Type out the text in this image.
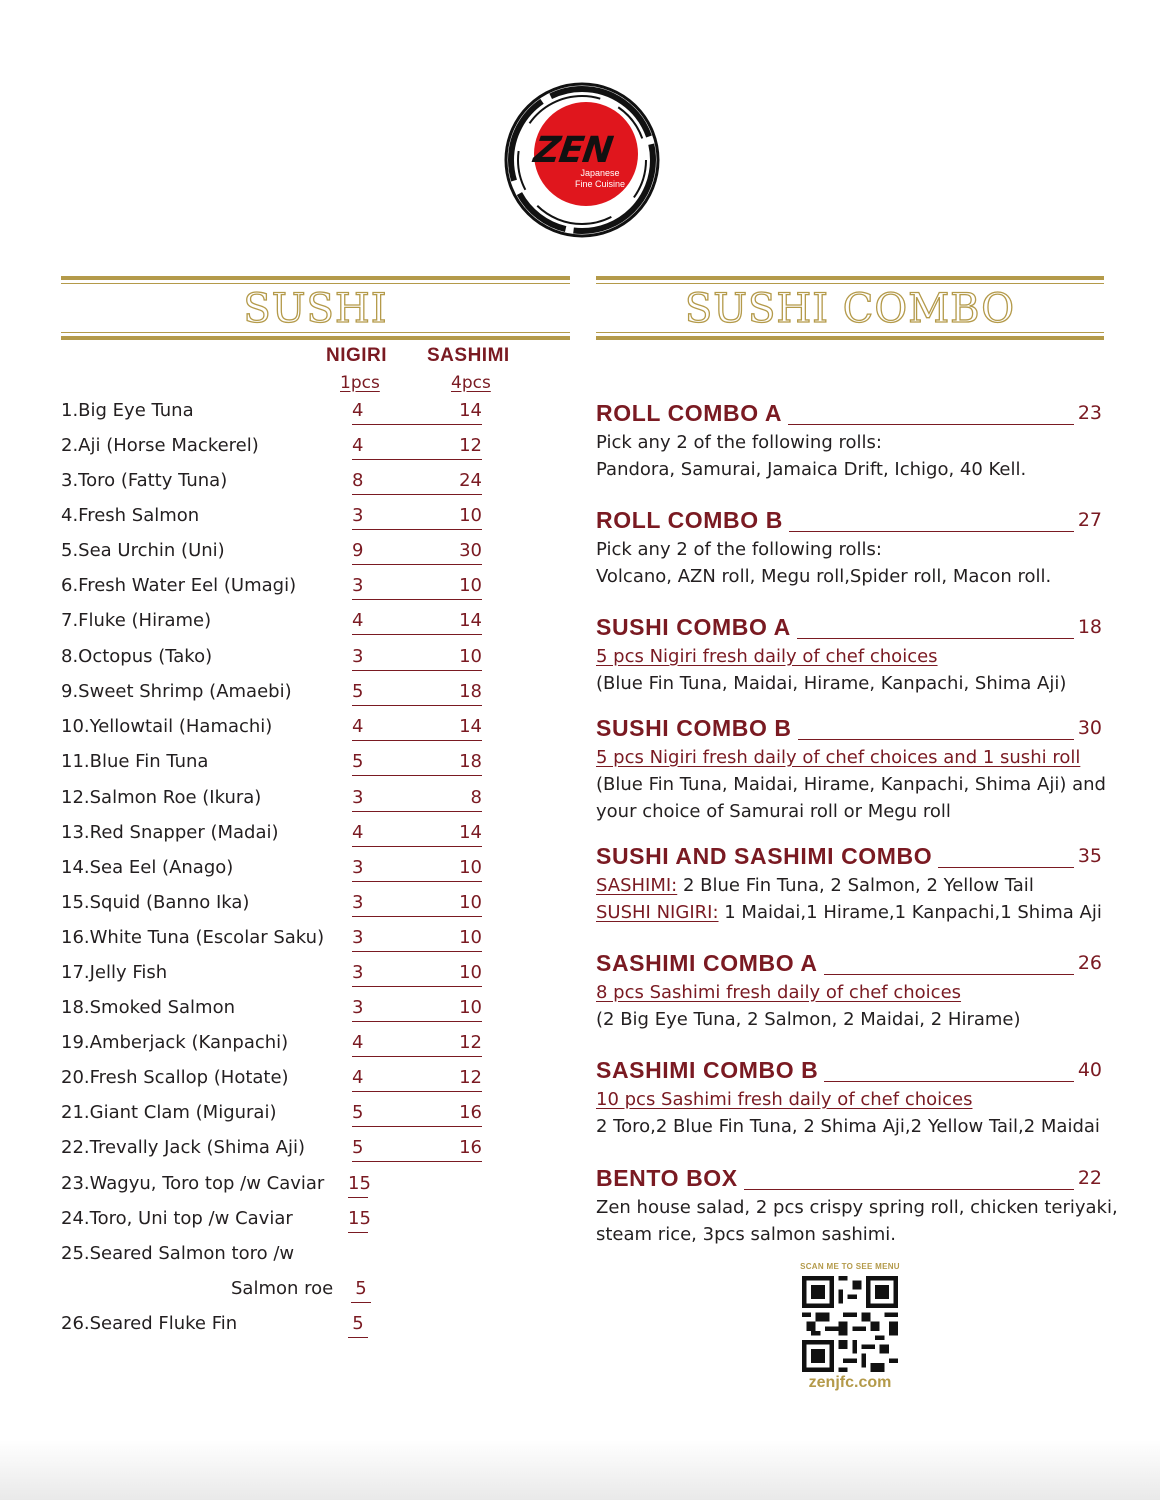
ZEN
Japanese
Fine Cuisine
SUSHI	SUSHI COMBO
NIGIRI SASHIMI
1pcs	4pcs
1.Big Eye Tuna	4	14
2.Aji (Horse Mackerel)	4	12
3.Toro (Fatty Tuna)	8	24
4.Fresh Salmon	3	10
5.Sea Urchin (Uni)	9	30
6.Fresh Water Eel (Umagi)	3	10
7.Fluke (Hirame)	4	14
8.Octopus (Tako)	3	10
9.Sweet Shrimp (Amaebi)	5	18
10.Yellowtail (Hamachi)	4	14
11.Blue Fin Tuna	5	18
12.Salmon Roe (Ikura)	3	8
13.Red Snapper (Madai)	4	14
14.Sea Eel (Anago)	3	10
15.Squid (Banno Ika)	3	10
16.White Tuna (Escolar Saku) 3	10
17.Jelly Fish	3	10
18.Smoked Salmon	3	10
19.Amberjack (Kanpachi)	4	12
20.Fresh Scallop (Hotate)	4	12
21.Giant Clam (Migurai)	5	16
22.Trevally Jack (Shima Aji)	5	16
23.Wagyu, Toro top /w Caviar 15
24.Toro, Uni top /w Caviar	15
25.Seared Salmon toro /w
Salmon roe 5
26.Seared Fluke Fin	5
ROLL COMBO A	23
Pick any 2 of the following rolls:
Pandora, Samurai, Jamaica Drift, Ichigo, 40 Kell.
ROLL COMBO B	27
Pick any 2 of the following rolls:
Volcano, AZN roll, Megu roll,Spider roll, Macon roll.
SUSHI COMBO A	18
5 pcs Nigiri fresh daily of chef choices
(Blue Fin Tuna, Maidai, Hirame, Kanpachi, Shima Aji)
SUSHI COMBO B	30
5 pcs Nigiri fresh daily of chef choices and 1 sushi roll
(Blue Fin Tuna, Maidai, Hirame, Kanpachi, Shima Aji) and
your choice of Samurai roll or Megu roll
SUSHI AND SASHIMI COMBO	35
SASHIMI: 2 Blue Fin Tuna, 2 Salmon, 2 Yellow Tail
SUSHI NIGIRI: 1 Maidai,1 Hirame,1 Kanpachi,1 Shima Aji
SASHIMI COMBO A	26
8 pcs Sashimi fresh daily of chef choices
(2 Big Eye Tuna, 2 Salmon, 2 Maidai, 2 Hirame)
SASHIMI COMBO B	40
10 pcs Sashimi fresh daily of chef choices
2 Toro,2 Blue Fin Tuna, 2 Shima Aji,2 Yellow Tail,2 Maidai
BENTO BOX	22
Zen house salad, 2 pcs crispy spring roll, chicken teriyaki,
steam rice, 3pcs salmon sashimi.
SCAN ME TO SEE MENU
zenjfc.com
